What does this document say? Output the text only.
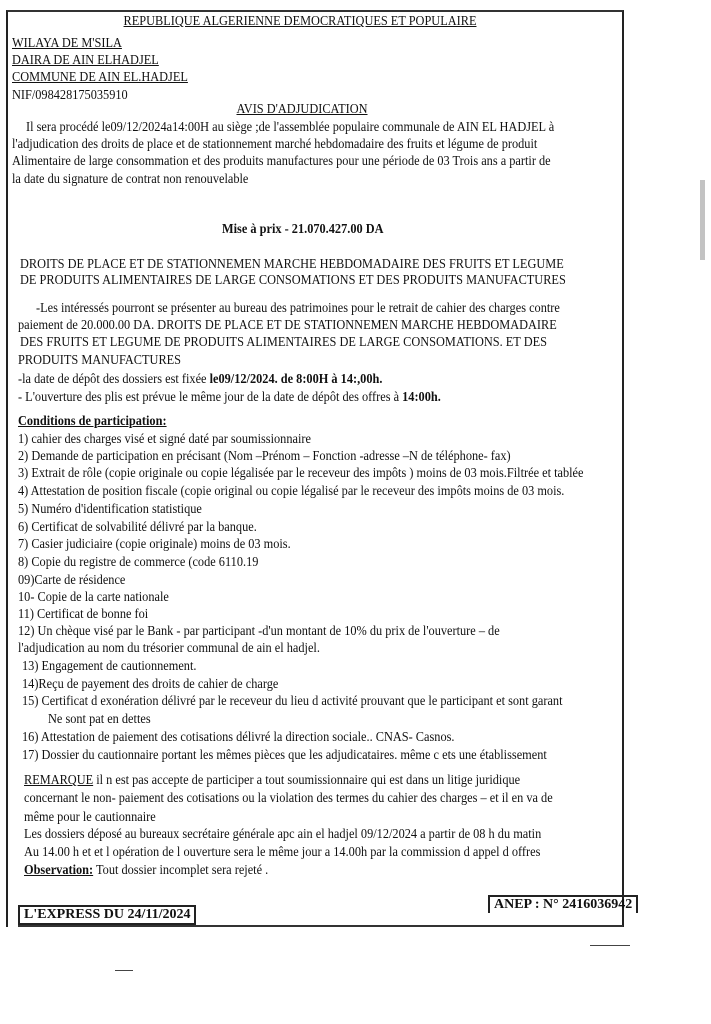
REPUBLIQUE ALGERIENNE DEMOCRATIQUES ET POPULAIRE
WILAYA DE M'SILA
DAIRA DE AIN ELHADJEL
COMMUNE DE AIN EL.HADJEL
NIF/098428175035910
AVIS D'ADJUDICATION
Il sera procédé le09/12/2024a14:00H au siège ;de l'assemblée populaire communale de AIN EL HADJEL à
l'adjudication des droits de place et de stationnement marché hebdomadaire des fruits et légume de produit
Alimentaire de large consommation et des produits manufactures pour une période de 03 Trois ans a partir de
la date du signature de contrat non renouvelable
Mise à prix - 21.070.427.00 DA
DROITS DE PLACE ET DE STATIONNEMEN MARCHE HEBDOMADAIRE DES FRUITS ET LEGUME
DE PRODUITS ALIMENTAIRES DE LARGE CONSOMATIONS ET DES PRODUITS MANUFACTURES
-Les intéressés pourront se présenter au bureau des patrimoines pour le retrait de cahier des charges contre
paiement de 20.000.00 DA. DROITS DE PLACE ET DE STATIONNEMEN MARCHE HEBDOMADAIRE
DES FRUITS ET LEGUME DE PRODUITS ALIMENTAIRES DE LARGE CONSOMATIONS. ET DES
PRODUITS MANUFACTURES
-la date de dépôt des dossiers est fixée le09/12/2024. de 8:00H à 14:,00h.
- L'ouverture des plis est prévue le même jour de la date de dépôt des offres à 14:00h.
Conditions de participation:
1) cahier des charges visé et signé daté par soumissionnaire
2) Demande de participation en précisant (Nom –Prénom – Fonction -adresse –N de téléphone- fax)
3) Extrait de rôle (copie originale ou copie légalisée par le receveur des impôts ) moins de 03 mois.Filtrée et tablée
4) Attestation de position fiscale (copie original ou copie légalisé par le receveur des impôts moins de 03 mois.
5) Numéro d'identification statistique
6) Certificat de solvabilité délivré par la banque.
7) Casier judiciaire (copie originale) moins de 03 mois.
8) Copie du registre de commerce (code 6110.19
09)Carte de résidence
10- Copie de la carte nationale
11) Certificat de bonne foi
12) Un chèque visé par le Bank - par participant -d'un montant de 10% du prix de l'ouverture – de
l'adjudication au nom du trésorier communal de ain el hadjel.
13) Engagement de cautionnement.
14)Reçu de payement des droits de cahier de charge
15) Certificat d exonération délivré par le receveur du lieu d activité prouvant que le participant et sont garant
Ne sont pat en dettes
16) Attestation de paiement des cotisations délivré la direction sociale.. CNAS- Casnos.
17) Dossier du cautionnaire portant les mêmes pièces que les adjudicataires. même c ets une établissement
REMARQUE il n est pas accepte de participer a tout soumissionnaire qui est dans un litige juridique
concernant le non- paiement des cotisations ou la violation des termes du cahier des charges – et il en va de
même pour le cautionnaire
Les dossiers déposé au bureaux secrétaire générale apc ain el hadjel 09/12/2024 a partir de 08 h du matin
Au 14.00 h et et l opération de l ouverture sera le même jour a 14.00h par la commission d appel d offres
Observation: Tout dossier incomplet sera rejeté .
ANEP : N° 2416036942
L'EXPRESS DU 24/11/2024
